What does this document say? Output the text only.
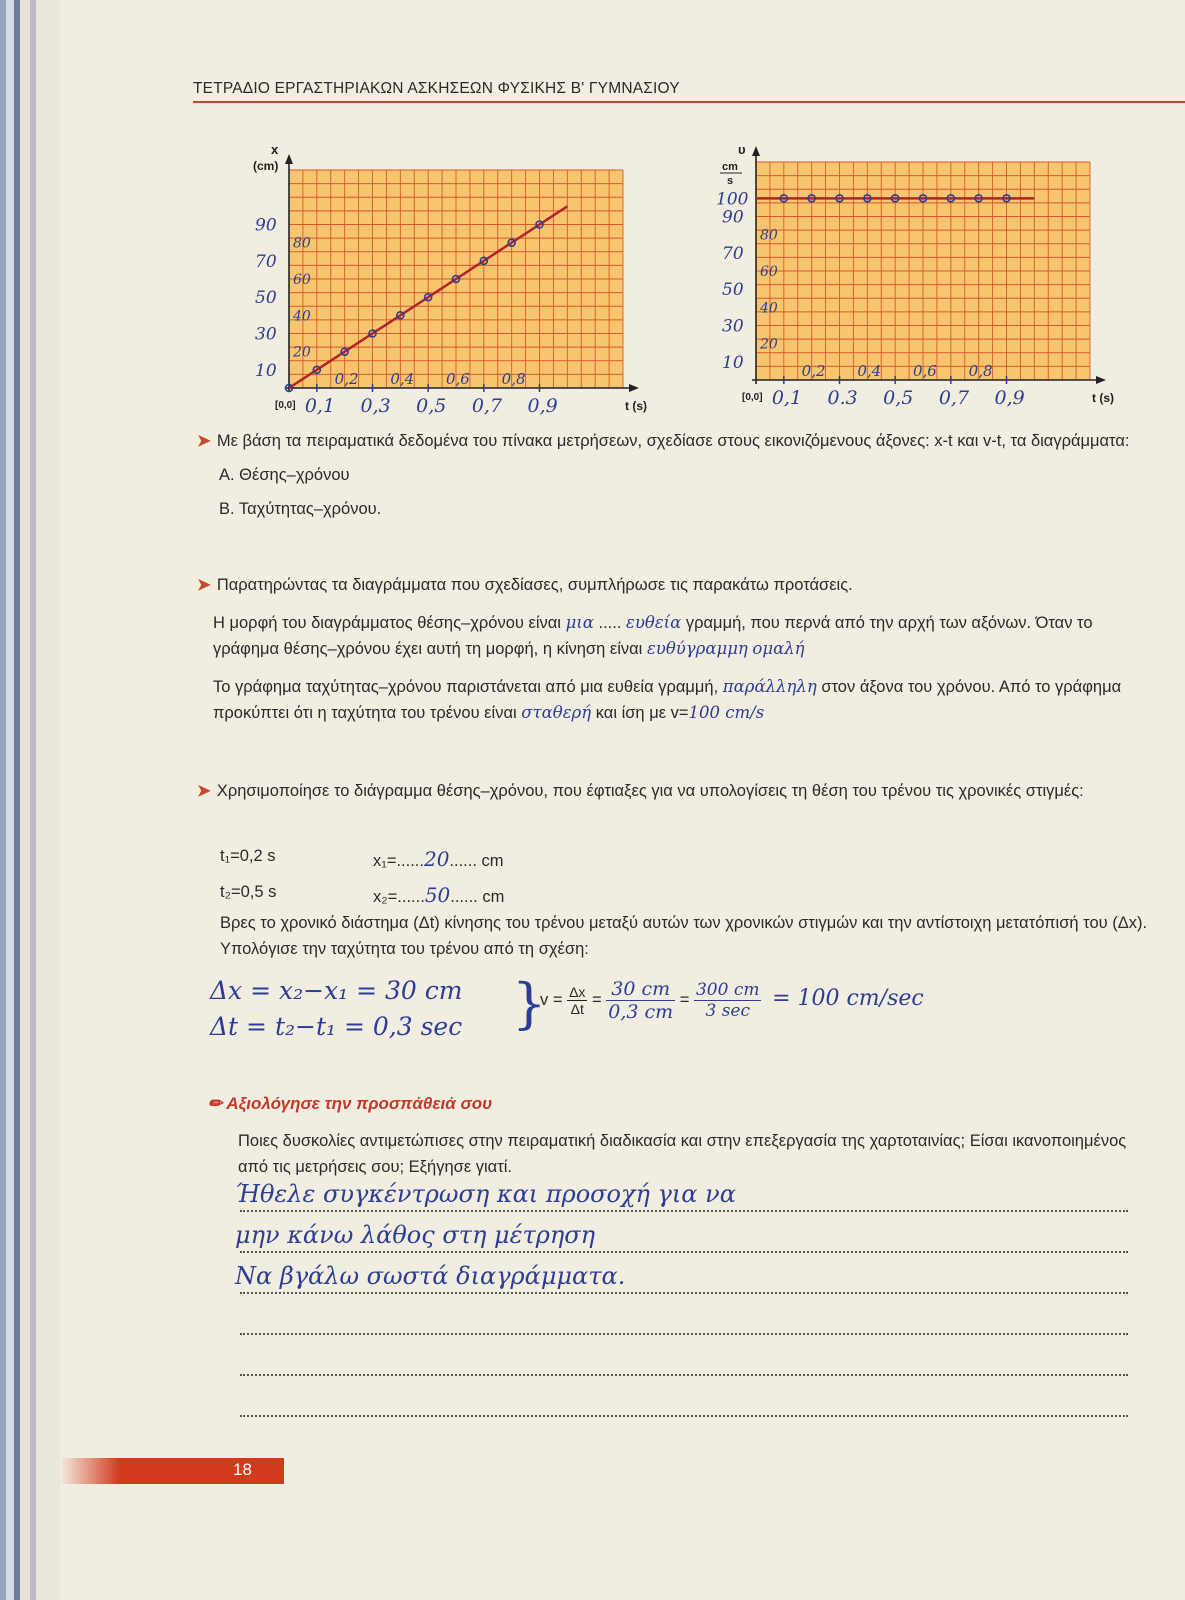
ΤΕΤΡΑΔΙΟ ΕΡΓΑΣΤΗΡΙΑΚΩΝ ΑΣΚΗΣΕΩΝ ΦΥΣΙΚΗΣ Β' ΓΥΜΝΑΣΙΟΥ
x
(cm)
t (s)
[0,0]
0,2 0,4 0,6 0,8
20
40
60
80
0,1 0,3 0,5 0,7 0,9
10
30
50
70
90
υ
cm
s
t (s)
[0,0]
0,2 0,4 0,6 0,8
20
40
60
80
0,1 0.3 0,5 0,7 0,9
10
30
50
70
90
100
➤ Με βάση τα πειραματικά δεδομένα του πίνακα μετρήσεων, σχεδίασε στους εικονιζόμενους άξονες: x-t και v-t, τα διαγράμματα:
Α. Θέσης–χρόνου
Β. Ταχύτητας–χρόνου.
➤ Παρατηρώντας τα διαγράμματα που σχεδίασες, συμπλήρωσε τις παρακάτω προτάσεις.
Η μορφή του διαγράμματος θέσης–χρόνου είναι μια ..... ευθεία γραμμή, που περνά από την αρχή των αξόνων. Όταν το γράφημα θέσης–χρόνου έχει αυτή τη μορφή, η κίνηση είναι ευθύγραμμη ομαλή
Το γράφημα ταχύτητας–χρόνου παριστάνεται από μια ευθεία γραμμή, παράλληλη στον άξονα του χρόνου. Από το γράφημα προκύπτει ότι η ταχύτητα του τρένου είναι σταθερή και ίση με v=100 cm/s
➤ Χρησιμοποίησε το διάγραμμα θέσης–χρόνου, που έφτιαξες για να υπολογίσεις τη θέση του τρένου τις χρονικές στιγμές:
t₁=0,2 s	x₁=......20...... cm
t₂=0,5 s	x₂=......50...... cm
Βρες το χρονικό διάστημα (Δt) κίνησης του τρένου μεταξύ αυτών των χρονικών στιγμών και την αντίστοιχη μετατόπισή του (Δx). Υπολόγισε την ταχύτητα του τρένου από τη σχέση:
Δx = x₂−x₁ = 30 cm
Δt = t₂−t₁ = 0,3 sec }
$v = \frac{\Delta x}{\Delta t} = \frac{30 cm}{0,3 cm} = \frac{300 cm}{3 \sec} = 100$ cm/sec
✏ Αξιολόγησε την προσπάθειά σου
Ποιες δυσκολίες αντιμετώπισες στην πειραματική διαδικασία και στην επεξεργασία της χαρτοταινίας; Είσαι ικανοποιημένος από τις μετρήσεις σου; Εξήγησε γιατί.
Ήθελε συγκέντρωση και προσοχή για να
μην κάνω λάθος στη μέτρηση
Να βγάλω σωστά διαγράμματα.
18
